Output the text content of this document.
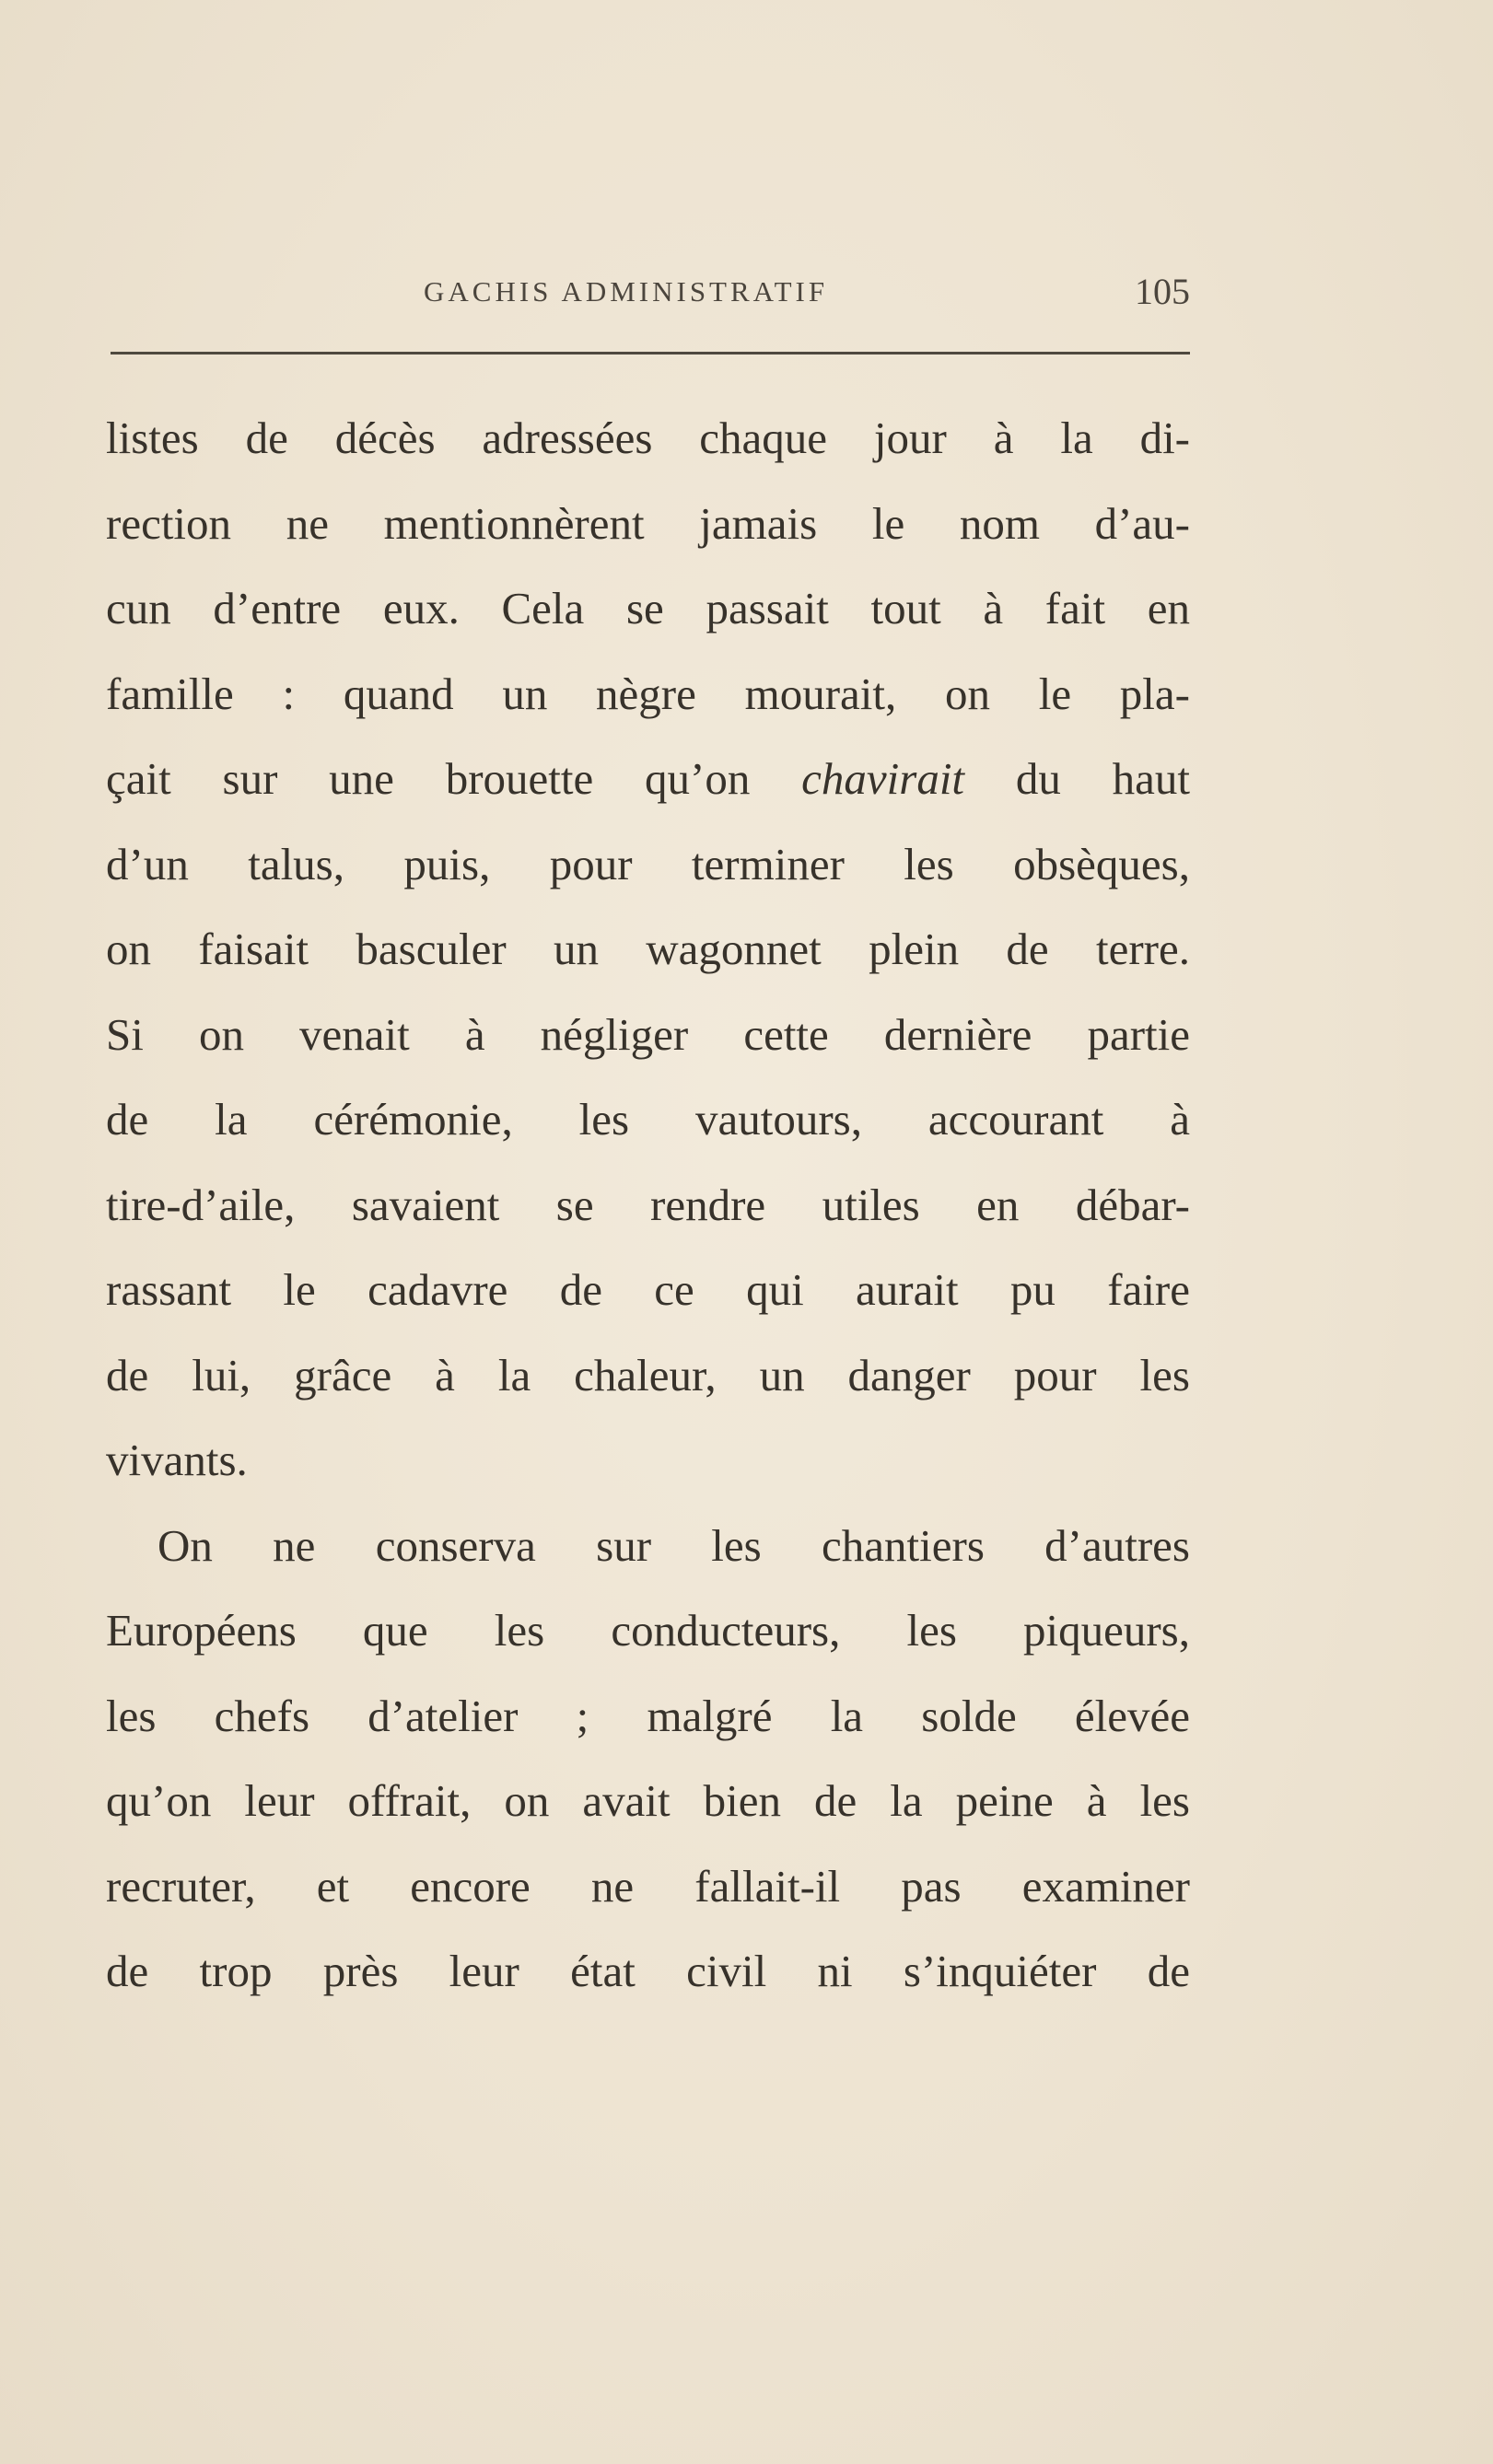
GACHIS ADMINISTRATIF	105
listes de décès adressées chaque jour à la di-
rection ne mentionnèrent jamais le nom d’au-
cun d’entre eux. Cela se passait tout à fait en
famille : quand un nègre mourait, on le pla-
çait sur une brouette qu’on chavirait du haut
d’un talus, puis, pour terminer les obsèques,
on faisait basculer un wagonnet plein de terre.
Si on venait à négliger cette dernière partie
de la cérémonie, les vautours, accourant à
tire-d’aile, savaient se rendre utiles en débar-
rassant le cadavre de ce qui aurait pu faire
de lui, grâce à la chaleur, un danger pour les
vivants.
On ne conserva sur les chantiers d’autres
Européens que les conducteurs, les piqueurs,
les chefs d’atelier ; malgré la solde élevée
qu’on leur offrait, on avait bien de la peine à les
recruter, et encore ne fallait-il pas examiner
de trop près leur état civil ni s’inquiéter de
